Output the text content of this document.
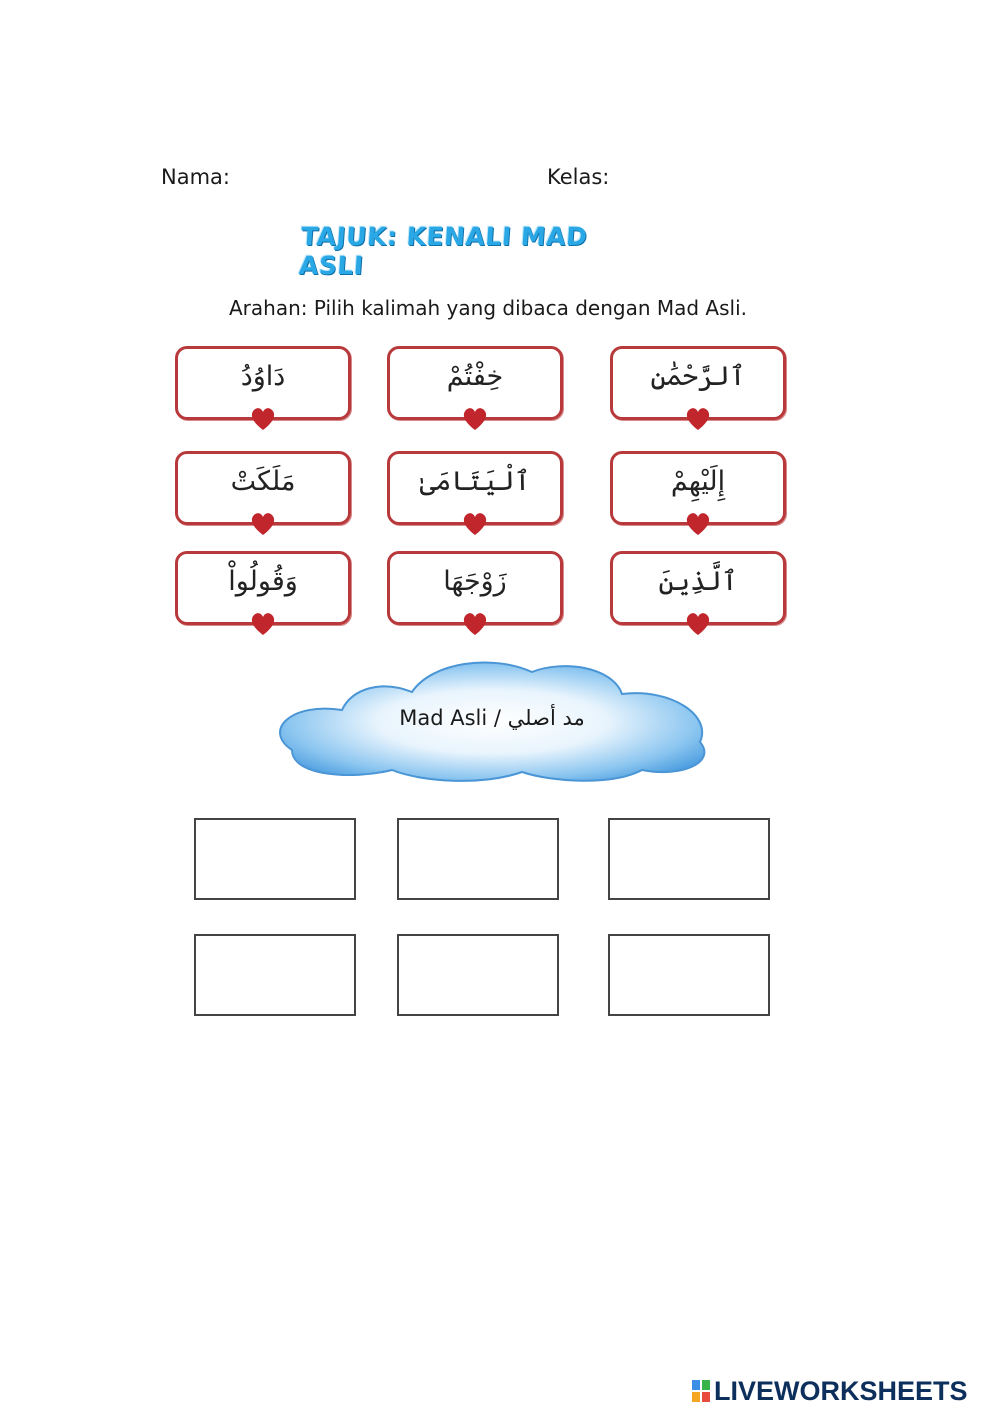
Nama:	Kelas:
TAJUK: KENALI MAD ASLI
Arahan: Pilih kalimah yang dibaca dengan Mad Asli.
دَاوُدُ	خِفْتُمْ	ٱلرَّحْمَٰنِ
مَلَكَتْ	ٱلْيَتَامَىٰ	إِلَيْهِمْ
وَقُولُواْ	زَوْجَهَا	ٱلَّذِينَ
Mad Asli / مد أصلي
LIVEWORKSHEETS
